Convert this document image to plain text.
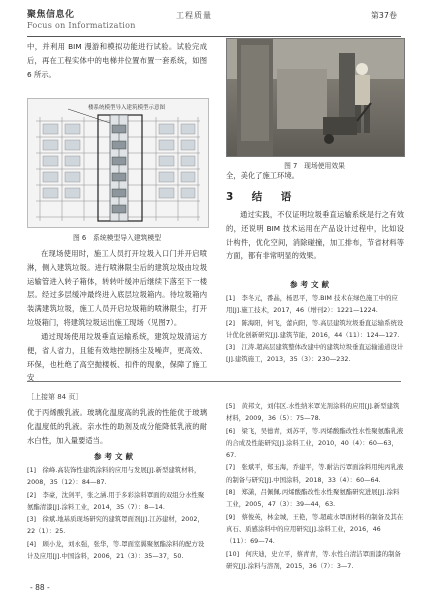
聚焦信息化
Focus on Informatization
工程质量	第37卷

中，并利用 BIM 漫游和模拟功能进行试验。试验完成后，再在工程实体中的电梯井位置布置一套系统，如图 6 所示。

楼系统模型导入建筑模型示意图
图 6　系统模型导入建筑模型

在现场使用时，施工人员打开垃圾入口门并开启喷淋，侧入建筑垃圾。进行喷淋限尘后的建筑垃圾由垃圾运输管进入转子箱体，转转叶缓冲后继续下落至下一楼层。经过多层缓冲最终进入底层垃圾箱内。待垃圾箱内装满建筑垃圾，施工人员开启垃圾箱的喷淋限尘，打开垃圾箱门，将建筑垃圾运出施工现场（见图7）。

通过现场使用垃圾垂直运输系统，建筑垃圾清运方便，省人省力，且能有效地控制扬尘及噪声，更高效、环保，也杜绝了高空抛楼板、扣件的现象，保障了施工安

图 7　现场使用效果

全，美化了施工环境。

3　结　语

通过实践，不仅证明垃圾垂直运输系统是行之有效的，还说明 BIM 技术运用在产品设计过程中，比如设计构件，优化空间，消除碰撞，加工排布，节省材料等方面，都有非常明显的效果。

参考文献
[1]　李冬元，番晶，杨思平，等.BIM 技术在绿色施工中的应用[J].施工技术，2017，46（增刊2）：1221—1224.
[2]　陈海阳，何飞，蕾向阳，等.高层建筑垃圾垂直运输系统设计优化创新研究[J].建筑节能，2016，44（11）：124—127.
[3]　江涛.超高层建筑整体改建中的建筑垃圾垂直运输通道设计[J].建筑施工，2013，35（3）：230—232.
［上接第 84 页］

优于丙烯酸乳液。玻璃化温度高的乳液的性能优于玻璃化温度低的乳液。亲水性的助剂及成分能降低乳液的耐水白性，加入量要适当。

参考文献
[1]　徐峰.高装饰性建筑涂料的应用与发展[J].新型建筑材料，2008，35（12）：84—87.
[2]　李豪，沈剑平，张之涵.用于多彩涂料罩面的双组分水性聚氨酯清漆[J].涂料工业，2014，35（7）：8—14.
[3]　徐斌.地基质现场研究的建筑罩面剂[J].江苏建材，2002，22（1）：25.
[4]　顾小龙，刘永强，张华，等.罩面室翼聚氨酯涂料的配方设计及应用[J].中国涂料，2006，21（3）：35—37，50.
[5]　黄邦文，刘伟区.水性纳米罩光剂涂料的应用[J].新型建筑材料，2009，36（5）：75—78.
[6]　梁飞，吴德青，刘苏平，等.丙烯酸酯改性水性聚氨酯乳液的合成及性能研究[J].涂料工业，2010，40（4）：60—63，67.
[7]　张斌平，郑玉海，乔建平，等.耐沾污罩面涂料用纯丙乳液的制备与研究[J].中国涂料，2018，33（4）：60—64.
[8]　郑潇，吕佩佩.丙烯酸酯改性水性聚氨酯研究进展[J].涂料工业，2005，47（3）：39—44，63.
[9]　蔡俊英，林金城，王艳，等.超疏水罩面材料的制备及其在真石、质感涂料中的应用研究[J].涂料工业，2016，46（11）：69—74.
[10]　何庆迪，史立平，蔡青青，等.水性自清洁罩面漆的制备研究[J].涂料与溶剂，2015，36（7）：3—7.
- 88 -
